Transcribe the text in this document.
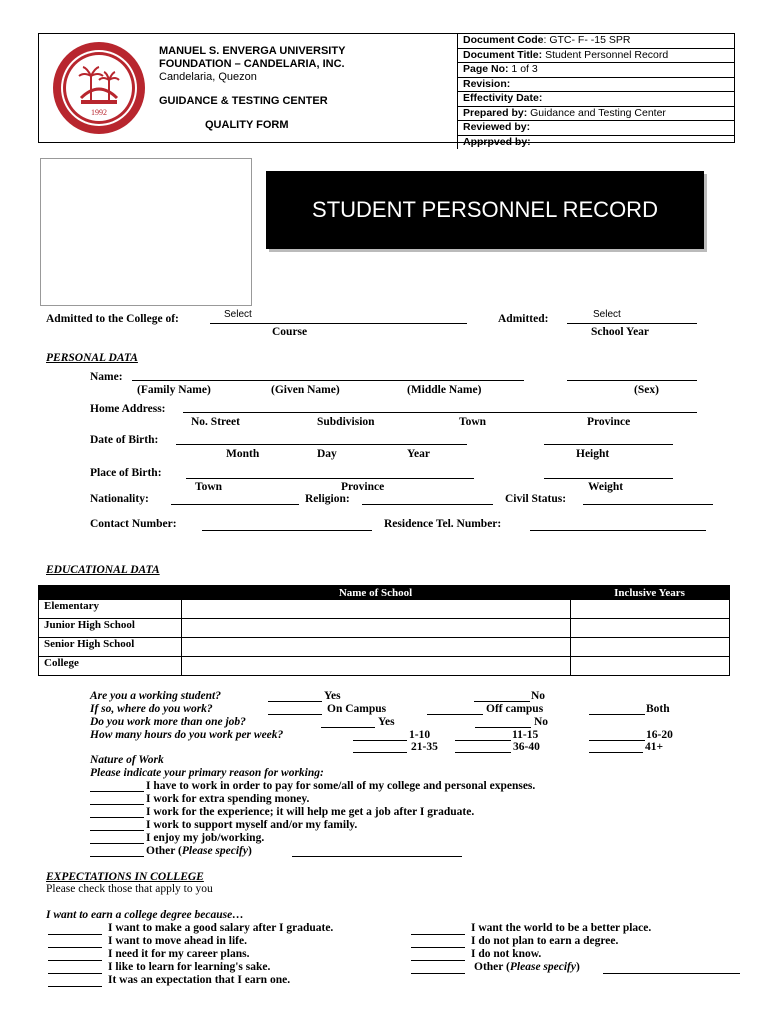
1992
MANUEL S. ENVERGA UNIVERSITY
FOUNDATION – CANDELARIA, INC.
Candelaria, Quezon
GUIDANCE & TESTING CENTER
QUALITY FORM
Document Code: GTC- F- -15 SPR
Document Title: Student Personnel Record
Page No: 1 of 3
Revision:
Effectivity Date:
Prepared by: Guidance and Testing Center
Reviewed by:
Apprpved by:
STUDENT PERSONNEL RECORD
Admitted to the College of:	Select
Course
Admitted:	Select
School Year
PERSONAL DATA
Name:
(Family Name)	(Given Name)	(Middle Name)	(Sex)
Home Address:
No. Street	Subdivision	Town	Province
Date of Birth:
Month	Day	Year	Height
Place of Birth:
Town	Province	Weight
Nationality:	Religion:	Civil Status:
Contact Number:	Residence Tel. Number:
EDUCATIONAL DATA
	Name of School	Inclusive Years
Elementary		
Junior High School		
Senior High School		
College		
Are you a working student?	Yes	No
If so, where do you work?	On Campus	Off campus	Both
Do you work more than one job?	Yes	No
How many hours do you work per week?	1-10	11-15	16-20
21-35	36-40	41+
Nature of Work
Please indicate your primary reason for working:
I have to work in order to pay for some/all of my college and personal expenses.
I work for extra spending money.
I work for the experience; it will help me get a job after I graduate.
I work to support myself and/or my family.
I enjoy my job/working.
Other (Please specify)
EXPECTATIONS IN COLLEGE
Please check those that apply to you
I want to earn a college degree because…
I want to make a good salary after I graduate.
I want to move ahead in life.
I need it for my career plans.
I like to learn for learning's sake.
It was an expectation that I earn one.
I want the world to be a better place.
I do not plan to earn a degree.
I do not know.
Other (Please specify)
